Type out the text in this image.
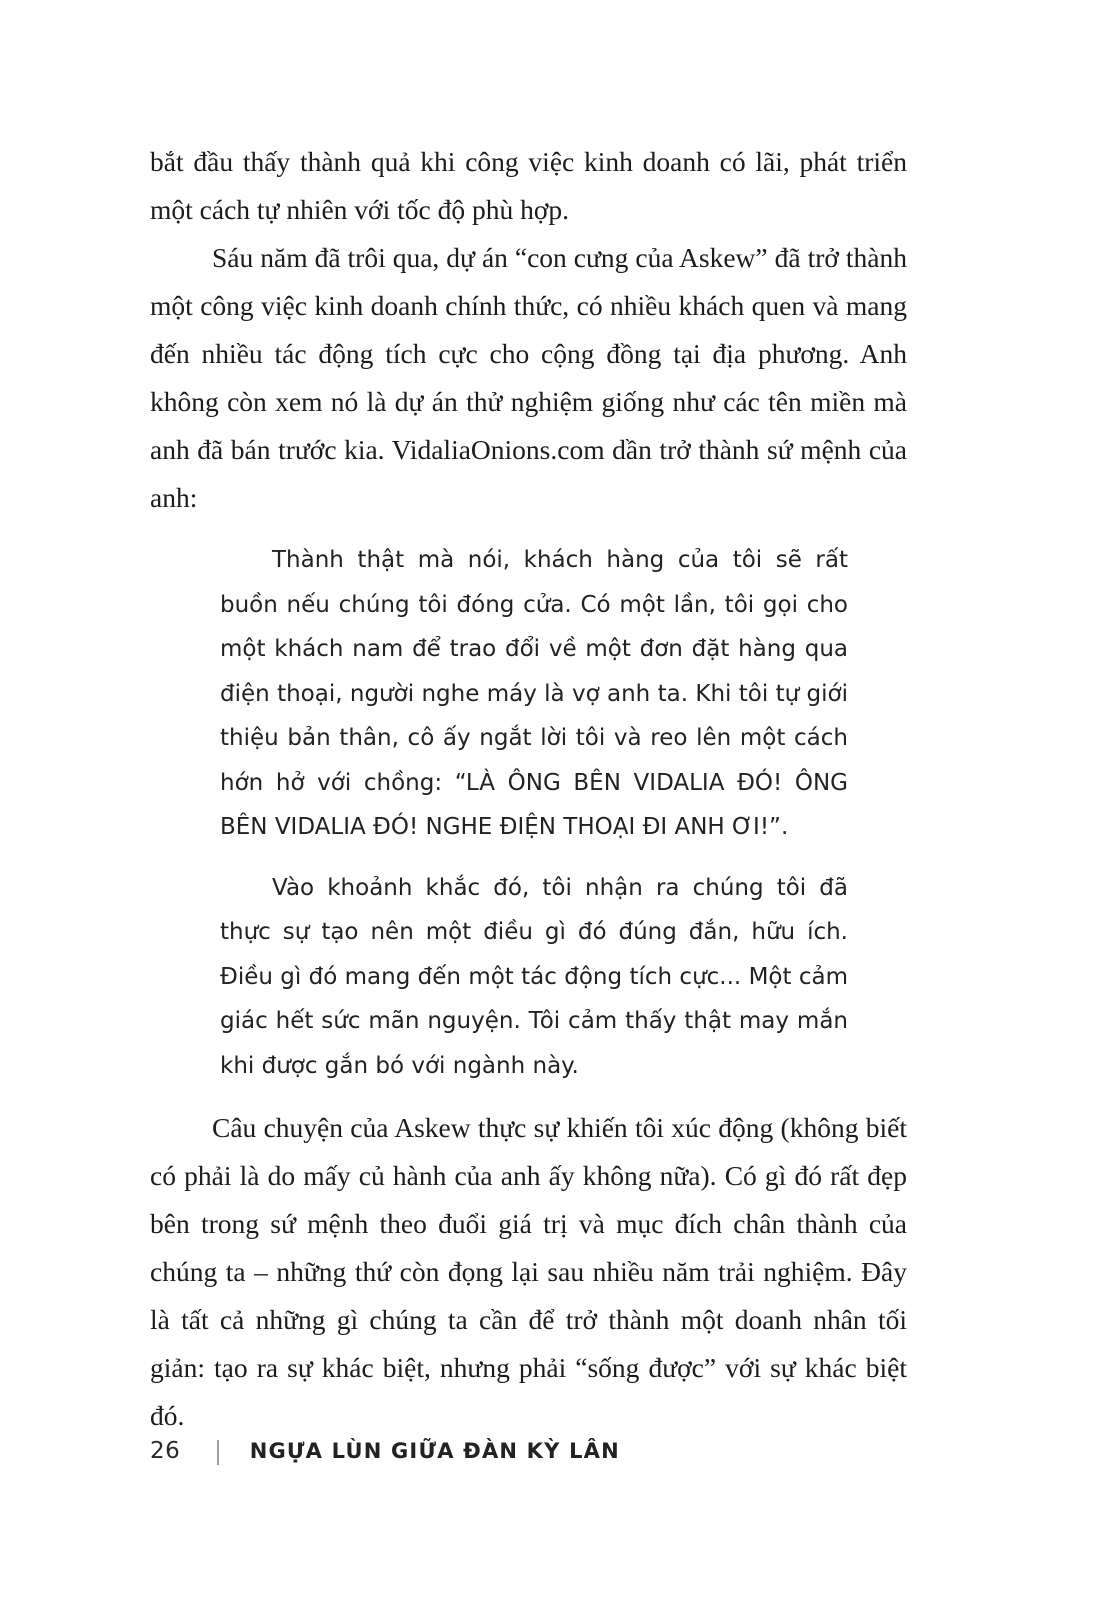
bắt đầu thấy thành quả khi công việc kinh doanh có lãi, phát triển một cách tự nhiên với tốc độ phù hợp.

Sáu năm đã trôi qua, dự án “con cưng của Askew” đã trở thành một công việc kinh doanh chính thức, có nhiều khách quen và mang đến nhiều tác động tích cực cho cộng đồng tại địa phương. Anh không còn xem nó là dự án thử nghiệm giống như các tên miền mà anh đã bán trước kia. VidaliaOnions.com dần trở thành sứ mệnh của anh:

Thành thật mà nói, khách hàng của tôi sẽ rất buồn nếu chúng tôi đóng cửa. Có một lần, tôi gọi cho một khách nam để trao đổi về một đơn đặt hàng qua điện thoại, người nghe máy là vợ anh ta. Khi tôi tự giới thiệu bản thân, cô ấy ngắt lời tôi và reo lên một cách hớn hở với chồng: “LÀ ÔNG BÊN VIDALIA ĐÓ! ÔNG BÊN VIDALIA ĐÓ! NGHE ĐIỆN THOẠI ĐI ANH ƠI!”.

Vào khoảnh khắc đó, tôi nhận ra chúng tôi đã thực sự tạo nên một điều gì đó đúng đắn, hữu ích. Điều gì đó mang đến một tác động tích cực... Một cảm giác hết sức mãn nguyện. Tôi cảm thấy thật may mắn khi được gắn bó với ngành này.

Câu chuyện của Askew thực sự khiến tôi xúc động (không biết có phải là do mấy củ hành của anh ấy không nữa). Có gì đó rất đẹp bên trong sứ mệnh theo đuổi giá trị và mục đích chân thành của chúng ta – những thứ còn đọng lại sau nhiều năm trải nghiệm. Đây là tất cả những gì chúng ta cần để trở thành một doanh nhân tối giản: tạo ra sự khác biệt, nhưng phải “sống được” với sự khác biệt đó.

26 | NGỰA LÙN GIỮA ĐÀN KỲ LÂN
